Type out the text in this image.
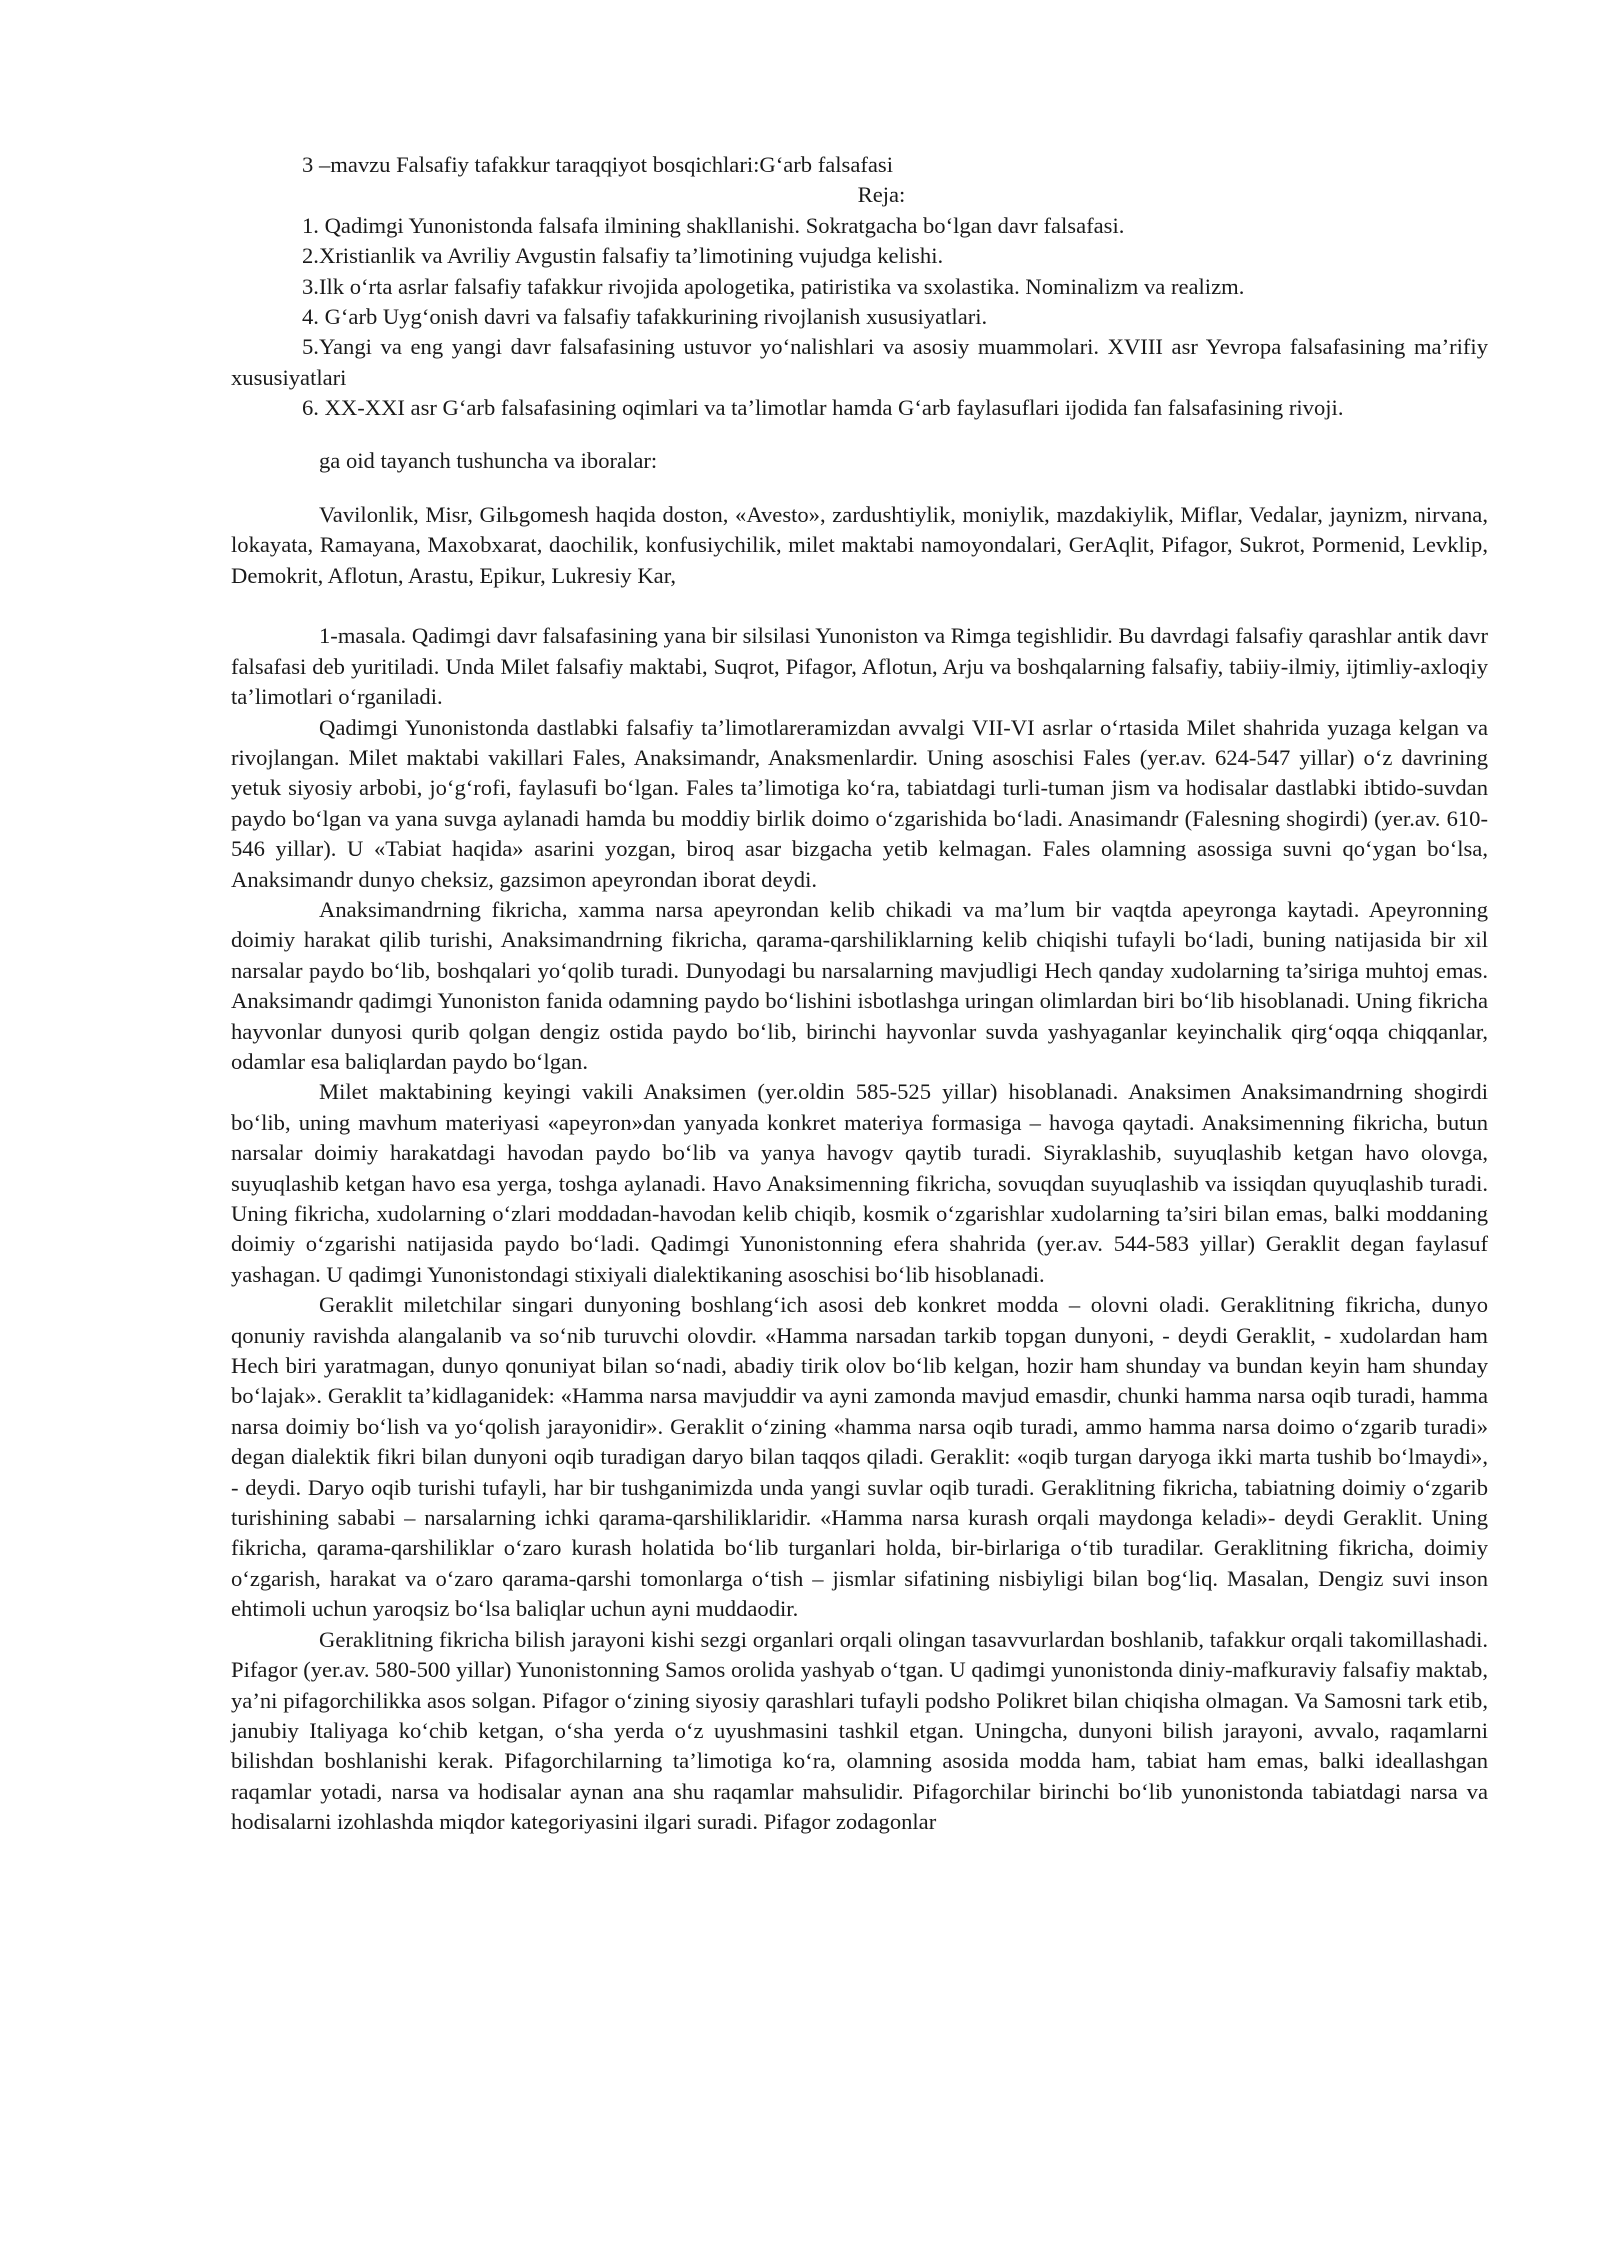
3 –mavzu Falsafiy tafakkur taraqqiyot bosqichlari:G‘arb falsafasi

Reja:

1. Qadimgi Yunonistonda falsafa ilmining shakllanishi. Sokratgacha bo‘lgan davr falsafasi.

2.Xristianlik va Avriliy Avgustin falsafiy ta’limotining vujudga kelishi.

3.Ilk o‘rta asrlar falsafiy tafakkur rivojida apologetika, patiristika va sxolastika. Nominalizm va realizm.

4. G‘arb Uyg‘onish davri va falsafiy tafakkurining rivojlanish xususiyatlari.

5.Yangi va eng yangi davr falsafasining ustuvor yo‘nalishlari va asosiy muammolari. XVIII asr Yevropa falsafasining ma’rifiy xususiyatlari

6. XX-XXI asr G‘arb falsafasining oqimlari va ta’limotlar hamda G‘arb faylasuflari ijodida fan falsafasining rivoji.

ga oid tayanch tushuncha va iboralar:

Vavilonlik, Misr, Gilьgomesh haqida doston, «Avesto», zardushtiylik, moniylik, mazdakiylik, Miflar, Vedalar, jaynizm, nirvana, lokayata, Ramayana, Maxobxarat, daochilik, konfusiychilik, milet maktabi namoyondalari, GerAqlit, Pifagor, Sukrot, Pormenid, Levklip, Demokrit, Aflotun, Arastu, Epikur, Lukresiy Kar,

1-masala. Qadimgi davr falsafasining yana bir silsilasi Yunoniston va Rimga tegishlidir. Bu davrdagi falsafiy qarashlar antik davr falsafasi deb yuritiladi. Unda Milet falsafiy maktabi, Suqrot, Pifagor, Aflotun, Arju va boshqalarning falsafiy, tabiiy-ilmiy, ijtimliy-axloqiy ta’limotlari o‘rganiladi.

Qadimgi Yunonistonda dastlabki falsafiy ta’limotlareramizdan avvalgi VII-VI asrlar o‘rtasida Milet shahrida yuzaga kelgan va rivojlangan. Milet maktabi vakillari Fales, Anaksimandr, Anaksmenlardir. Uning asoschisi Fales (yer.av. 624-547 yillar) o‘z davrining yetuk siyosiy arbobi, jo‘g‘rofi, faylasufi bo‘lgan. Fales ta’limotiga ko‘ra, tabiatdagi turli-tuman jism va hodisalar dastlabki ibtido-suvdan paydo bo‘lgan va yana suvga aylanadi hamda bu moddiy birlik doimo o‘zgarishida bo‘ladi. Anasimandr (Falesning shogirdi) (yer.av. 610-546 yillar). U «Tabiat haqida» asarini yozgan, biroq asar bizgacha yetib kelmagan. Fales olamning asossiga suvni qo‘ygan bo‘lsa, Anaksimandr dunyo cheksiz, gazsimon apeyrondan iborat deydi.

Anaksimandrning fikricha, xamma narsa apeyrondan kelib chikadi va ma’lum bir vaqtda apeyronga kaytadi. Apeyronning doimiy harakat qilib turishi, Anaksimandrning fikricha, qarama-qarshiliklarning kelib chiqishi tufayli bo‘ladi, buning natijasida bir xil narsalar paydo bo‘lib, boshqalari yo‘qolib turadi. Dunyodagi bu narsalarning mavjudligi Hech qanday xudolarning ta’siriga muhtoj emas. Anaksimandr qadimgi Yunoniston fanida odamning paydo bo‘lishini isbotlashga uringan olimlardan biri bo‘lib hisoblanadi. Uning fikricha hayvonlar dunyosi qurib qolgan dengiz ostida paydo bo‘lib, birinchi hayvonlar suvda yashyaganlar keyinchalik qirg‘oqqa chiqqanlar, odamlar esa baliqlardan paydo bo‘lgan.

Milet maktabining keyingi vakili Anaksimen (yer.oldin 585-525 yillar) hisoblanadi. Anaksimen Anaksimandrning shogirdi bo‘lib, uning mavhum materiyasi «apeyron»dan yanyada konkret materiya formasiga – havoga qaytadi. Anaksimenning fikricha, butun narsalar doimiy harakatdagi havodan paydo bo‘lib va yanya havogv qaytib turadi. Siyraklashib, suyuqlashib ketgan havo olovga, suyuqlashib ketgan havo esa yerga, toshga aylanadi. Havo Anaksimenning fikricha, sovuqdan suyuqlashib va issiqdan quyuqlashib turadi. Uning fikricha, xudolarning o‘zlari moddadan-havodan kelib chiqib, kosmik o‘zgarishlar xudolarning ta’siri bilan emas, balki moddaning doimiy o‘zgarishi natijasida paydo bo‘ladi. Qadimgi Yunonistonning efera shahrida (yer.av. 544-583 yillar) Geraklit degan faylasuf yashagan. U qadimgi Yunonistondagi stixiyali dialektikaning asoschisi bo‘lib hisoblanadi.

Geraklit miletchilar singari dunyoning boshlang‘ich asosi deb konkret modda – olovni oladi. Geraklitning fikricha, dunyo qonuniy ravishda alangalanib va so‘nib turuvchi olovdir. «Hamma narsadan tarkib topgan dunyoni, - deydi Geraklit, - xudolardan ham Hech biri yaratmagan, dunyo qonuniyat bilan so‘nadi, abadiy tirik olov bo‘lib kelgan, hozir ham shunday va bundan keyin ham shunday bo‘lajak». Geraklit ta’kidlaganidek: «Hamma narsa mavjuddir va ayni zamonda mavjud emasdir, chunki hamma narsa oqib turadi, hamma narsa doimiy bo‘lish va yo‘qolish jarayonidir». Geraklit o‘zining «hamma narsa oqib turadi, ammo hamma narsa doimo o‘zgarib turadi» degan dialektik fikri bilan dunyoni oqib turadigan daryo bilan taqqos qiladi. Geraklit: «oqib turgan daryoga ikki marta tushib bo‘lmaydi», - deydi. Daryo oqib turishi tufayli, har bir tushganimizda unda yangi suvlar oqib turadi. Geraklitning fikricha, tabiatning doimiy o‘zgarib turishining sababi – narsalarning ichki qarama-qarshiliklaridir. «Hamma narsa kurash orqali maydonga keladi»- deydi Geraklit. Uning fikricha, qarama-qarshiliklar o‘zaro kurash holatida bo‘lib turganlari holda, bir-birlariga o‘tib turadilar. Geraklitning fikricha, doimiy o‘zgarish, harakat va o‘zaro qarama-qarshi tomonlarga o‘tish – jismlar sifatining nisbiyligi bilan bog‘liq. Masalan, Dengiz suvi inson ehtimoli uchun yaroqsiz bo‘lsa baliqlar uchun ayni muddaodir.

Geraklitning fikricha bilish jarayoni kishi sezgi organlari orqali olingan tasavvurlardan boshlanib, tafakkur orqali takomillashadi. Pifagor (yer.av. 580-500 yillar) Yunonistonning Samos orolida yashyab o‘tgan. U qadimgi yunonistonda diniy-mafkuraviy falsafiy maktab, ya’ni pifagorchilikka asos solgan. Pifagor o‘zining siyosiy qarashlari tufayli podsho Polikret bilan chiqisha olmagan. Va Samosni tark etib, janubiy Italiyaga ko‘chib ketgan, o‘sha yerda o‘z uyushmasini tashkil etgan. Uningcha, dunyoni bilish jarayoni, avvalo, raqamlarni bilishdan boshlanishi kerak. Pifagorchilarning ta’limotiga ko‘ra, olamning asosida modda ham, tabiat ham emas, balki ideallashgan raqamlar yotadi, narsa va hodisalar aynan ana shu raqamlar mahsulidir. Pifagorchilar birinchi bo‘lib yunonistonda tabiatdagi narsa va hodisalarni izohlashda miqdor kategoriyasini ilgari suradi. Pifagor zodagonlar
